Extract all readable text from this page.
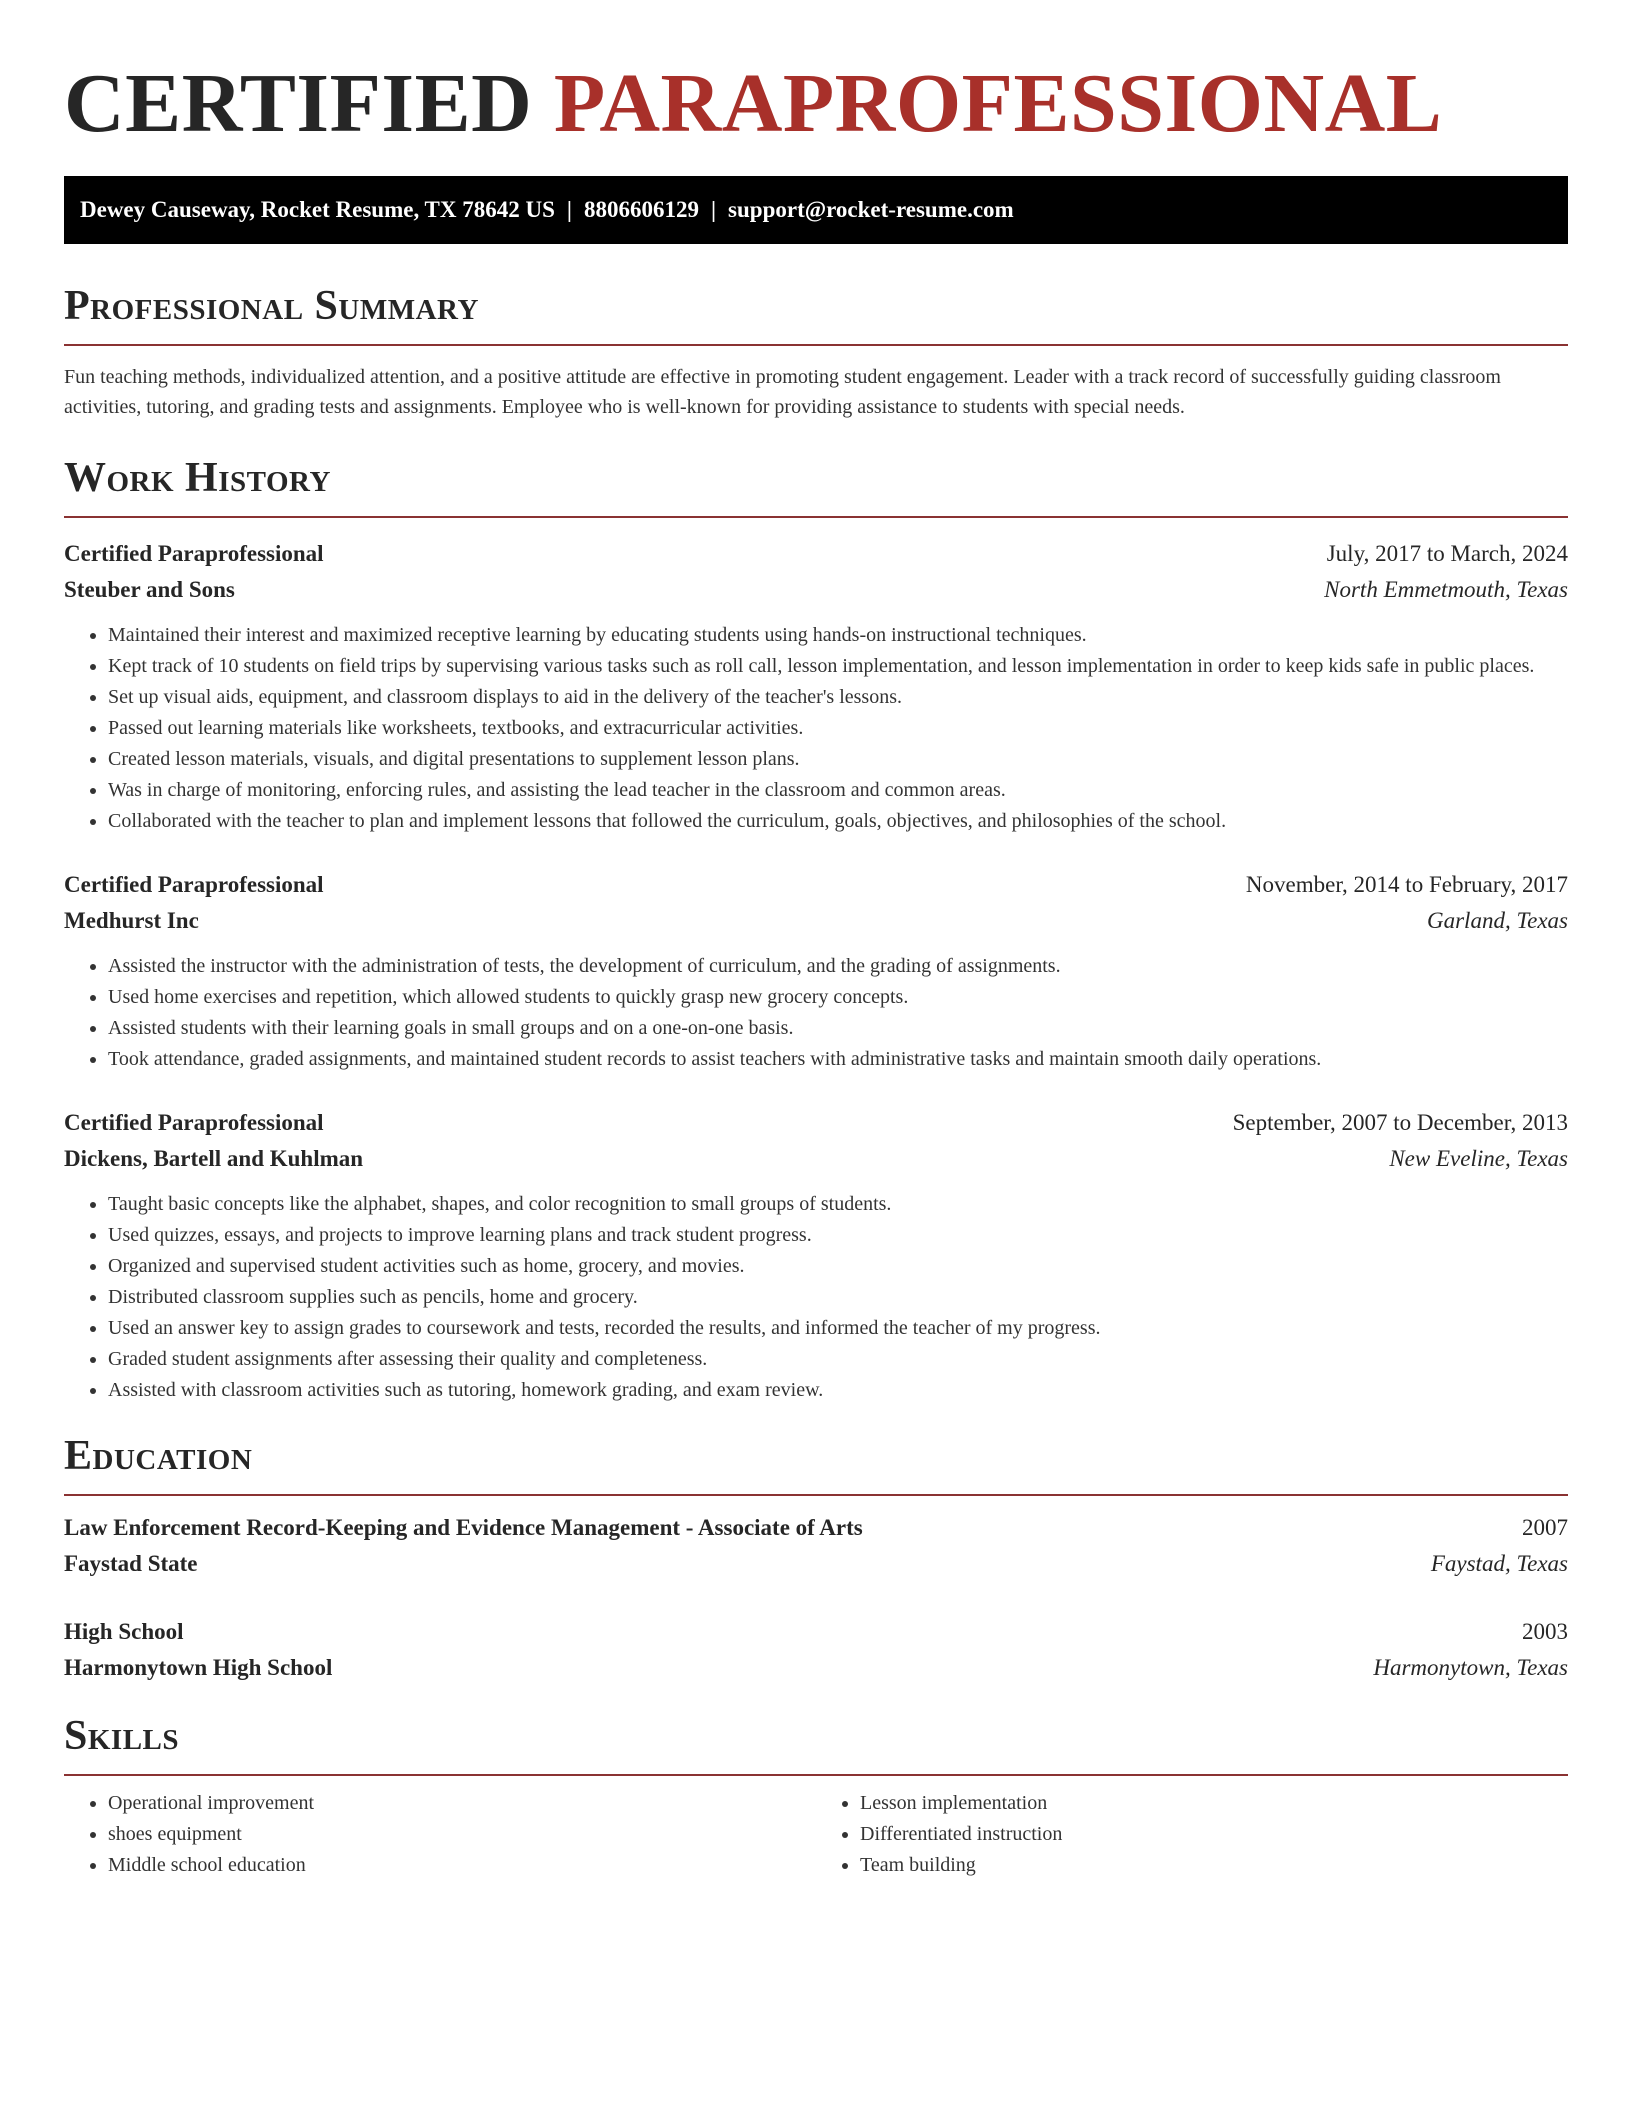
CERTIFIED PARAPROFESSIONAL
Dewey Causeway, Rocket Resume, TX 78642 US | 8806606129 | support@rocket-resume.com
Professional Summary

Fun teaching methods, individualized attention, and a positive attitude are effective in promoting student engagement. Leader with a track record of successfully guiding classroom activities, tutoring, and grading tests and assignments. Employee who is well-known for providing assistance to students with special needs.

Work History
Certified Paraprofessional	July, 2017 to March, 2024
Steuber and Sons	North Emmetmouth, Texas
• Maintained their interest and maximized receptive learning by educating students using hands-on instructional techniques.
• Kept track of 10 students on field trips by supervising various tasks such as roll call, lesson implementation, and lesson implementation in order to keep kids safe in public places.
• Set up visual aids, equipment, and classroom displays to aid in the delivery of the teacher's lessons.
• Passed out learning materials like worksheets, textbooks, and extracurricular activities.
• Created lesson materials, visuals, and digital presentations to supplement lesson plans.
• Was in charge of monitoring, enforcing rules, and assisting the lead teacher in the classroom and common areas.
• Collaborated with the teacher to plan and implement lessons that followed the curriculum, goals, objectives, and philosophies of the school.
Certified Paraprofessional	November, 2014 to February, 2017
Medhurst Inc	Garland, Texas
• Assisted the instructor with the administration of tests, the development of curriculum, and the grading of assignments.
• Used home exercises and repetition, which allowed students to quickly grasp new grocery concepts.
• Assisted students with their learning goals in small groups and on a one-on-one basis.
• Took attendance, graded assignments, and maintained student records to assist teachers with administrative tasks and maintain smooth daily operations.
Certified Paraprofessional	September, 2007 to December, 2013
Dickens, Bartell and Kuhlman	New Eveline, Texas
• Taught basic concepts like the alphabet, shapes, and color recognition to small groups of students.
• Used quizzes, essays, and projects to improve learning plans and track student progress.
• Organized and supervised student activities such as home, grocery, and movies.
• Distributed classroom supplies such as pencils, home and grocery.
• Used an answer key to assign grades to coursework and tests, recorded the results, and informed the teacher of my progress.
• Graded student assignments after assessing their quality and completeness.
• Assisted with classroom activities such as tutoring, homework grading, and exam review.
Education
Law Enforcement Record-Keeping and Evidence Management - Associate of Arts	2007
Faystad State	Faystad, Texas
High School	2003
Harmonytown High School	Harmonytown, Texas
Skills
• Operational improvement
• shoes equipment
• Middle school education
• Lesson implementation
• Differentiated instruction
• Team building
